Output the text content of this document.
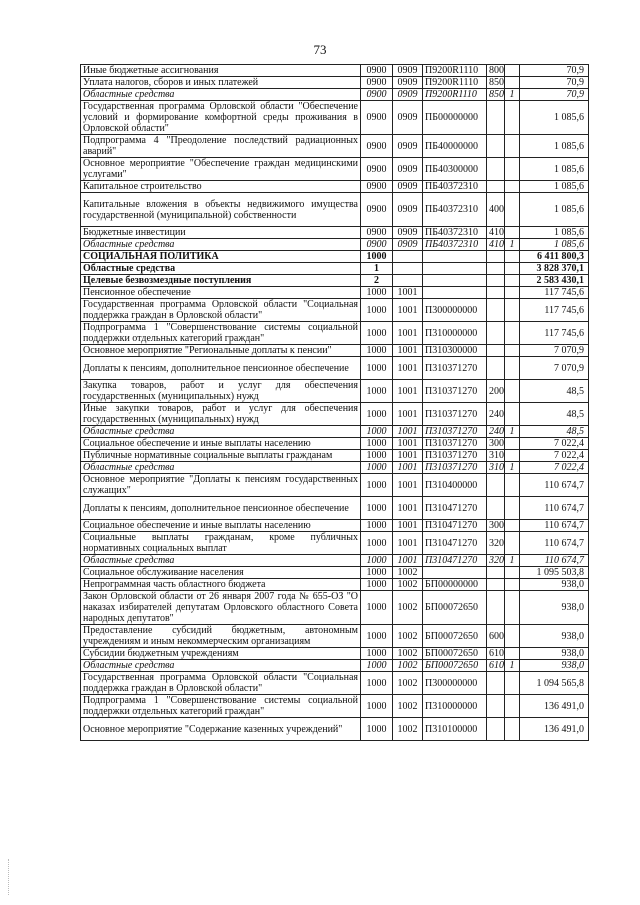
73
Иные бюджетные ассигнования	0900	0909	П9200R1110	800		70,9
Уплата налогов, сборов и иных платежей	0900	0909	П9200R1110	850		70,9
Областные средства	0900	0909	П9200R1110	850	1	70,9
Государственная программа Орловской области "Обеспечение условий и формирование комфортной среды проживания в Орловской области"	0900	0909	ПБ00000000			1 085,6
Подпрограмма 4 "Преодоление последствий радиационных аварий"	0900	0909	ПБ40000000			1 085,6
Основное мероприятие "Обеспечение граждан медицинскими услугами"	0900	0909	ПБ40300000			1 085,6
Капитальное строительство	0900	0909	ПБ40372310			1 085,6
Капитальные вложения в объекты недвижимого имущества государственной (муниципальной) собственности	0900	0909	ПБ40372310	400		1 085,6
Бюджетные инвестиции	0900	0909	ПБ40372310	410		1 085,6
Областные средства	0900	0909	ПБ40372310	410	1	1 085,6
СОЦИАЛЬНАЯ ПОЛИТИКА	1000					6 411 800,3
Областные средства	1					3 828 370,1
Целевые безвозмездные поступления	2					2 583 430,1
Пенсионное обеспечение	1000	1001				117 745,6
Государственная программа Орловской области "Социальная поддержка граждан в Орловской области"	1000	1001	П300000000			117 745,6
Подпрограмма 1 "Совершенствование системы социальной поддержки отдельных категорий граждан"	1000	1001	П310000000			117 745,6
Основное мероприятие "Региональные доплаты к пенсии"	1000	1001	П310300000			7 070,9
Доплаты к пенсиям, дополнительное пенсионное обеспечение	1000	1001	П310371270			7 070,9
Закупка товаров, работ и услуг для обеспечения государственных (муниципальных) нужд	1000	1001	П310371270	200		48,5
Иные закупки товаров, работ и услуг для обеспечения государственных (муниципальных) нужд	1000	1001	П310371270	240		48,5
Областные средства	1000	1001	П310371270	240	1	48,5
Социальное обеспечение и иные выплаты населению	1000	1001	П310371270	300		7 022,4
Публичные нормативные социальные выплаты гражданам	1000	1001	П310371270	310		7 022,4
Областные средства	1000	1001	П310371270	310	1	7 022,4
Основное мероприятие "Доплаты к пенсиям государственных служащих"	1000	1001	П310400000			110 674,7
Доплаты к пенсиям, дополнительное пенсионное обеспечение	1000	1001	П310471270			110 674,7
Социальное обеспечение и иные выплаты населению	1000	1001	П310471270	300		110 674,7
Социальные выплаты гражданам, кроме публичных нормативных социальных выплат	1000	1001	П310471270	320		110 674,7
Областные средства	1000	1001	П310471270	320	1	110 674,7
Социальное обслуживание населения	1000	1002				1 095 503,8
Непрограммная часть областного бюджета	1000	1002	БП00000000			938,0
Закон Орловской области от 26 января 2007 года № 655-ОЗ "О наказах избирателей депутатам Орловского областного Совета народных депутатов"	1000	1002	БП00072650			938,0
Предоставление субсидий бюджетным, автономным учреждениям и иным некоммерческим организациям	1000	1002	БП00072650	600		938,0
Субсидии бюджетным учреждениям	1000	1002	БП00072650	610		938,0
Областные средства	1000	1002	БП00072650	610	1	938,0
Государственная программа Орловской области "Социальная поддержка граждан в Орловской области"	1000	1002	П300000000			1 094 565,8
Подпрограмма 1 "Совершенствование системы социальной поддержки отдельных категорий граждан"	1000	1002	П310000000			136 491,0
Основное мероприятие "Содержание казенных учреждений"	1000	1002	П310100000			136 491,0
